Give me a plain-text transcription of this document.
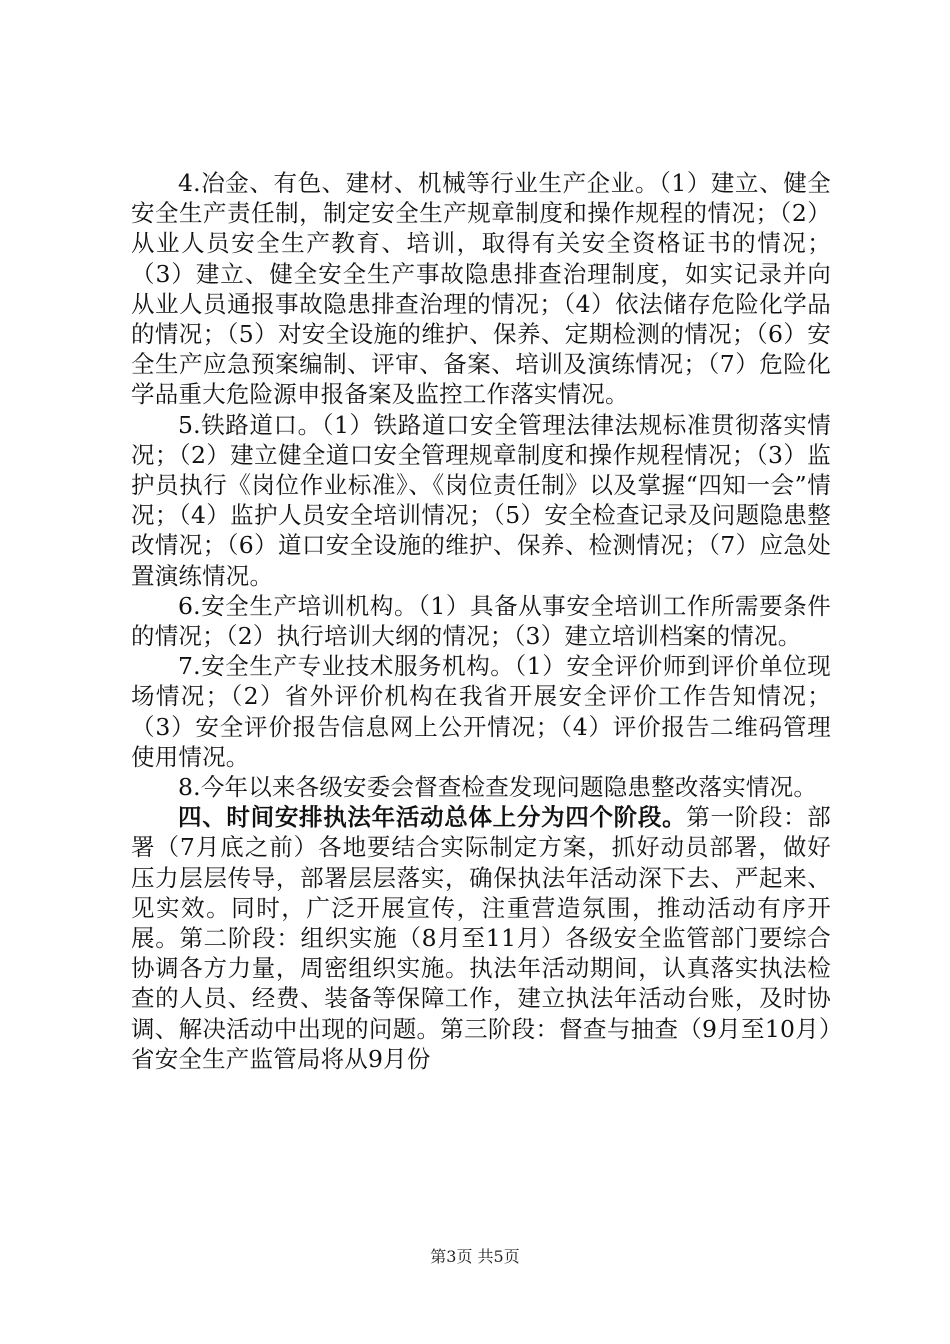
4.冶金、有色、建材、机械等行业生产企业。（1）建立、健全安全生产责任制，制定安全生产规章制度和操作规程的情况；（2）从业人员安全生产教育、培训，取得有关安全资格证书的情况；（3）建立、健全安全生产事故隐患排查治理制度，如实记录并向从业人员通报事故隐患排查治理的情况；（4）依法储存危险化学品的情况；（5）对安全设施的维护、保养、定期检测的情况；（6）安全生产应急预案编制、评审、备案、培训及演练情况；（7）危险化学品重大危险源申报备案及监控工作落实情况。

5.铁路道口。（1）铁路道口安全管理法律法规标准贯彻落实情况；（2）建立健全道口安全管理规章制度和操作规程情况；（3）监护员执行《岗位作业标准》、《岗位责任制》以及掌握“四知一会”情况；（4）监护人员安全培训情况；（5）安全检查记录及问题隐患整改情况；（6）道口安全设施的维护、保养、检测情况；（7）应急处置演练情况。

6.安全生产培训机构。（1）具备从事安全培训工作所需要条件的情况；（2）执行培训大纲的情况；（3）建立培训档案的情况。

7.安全生产专业技术服务机构。（1）安全评价师到评价单位现场情况；（2）省外评价机构在我省开展安全评价工作告知情况；（3）安全评价报告信息网上公开情况；（4）评价报告二维码管理使用情况。

8.今年以来各级安委会督查检查发现问题隐患整改落实情况。

四、时间安排执法年活动总体上分为四个阶段。第一阶段：部署（7月底之前）各地要结合实际制定方案，抓好动员部署，做好压力层层传导，部署层层落实，确保执法年活动深下去、严起来、见实效。同时，广泛开展宣传，注重营造氛围，推动活动有序开展。第二阶段：组织实施（8月至11月）各级安全监管部门要综合协调各方力量，周密组织实施。执法年活动期间，认真落实执法检查的人员、经费、装备等保障工作，建立执法年活动台账，及时协调、解决活动中出现的问题。第三阶段：督查与抽查（9月至10月）省安全生产监管局将从9月份

第3页 共5页
